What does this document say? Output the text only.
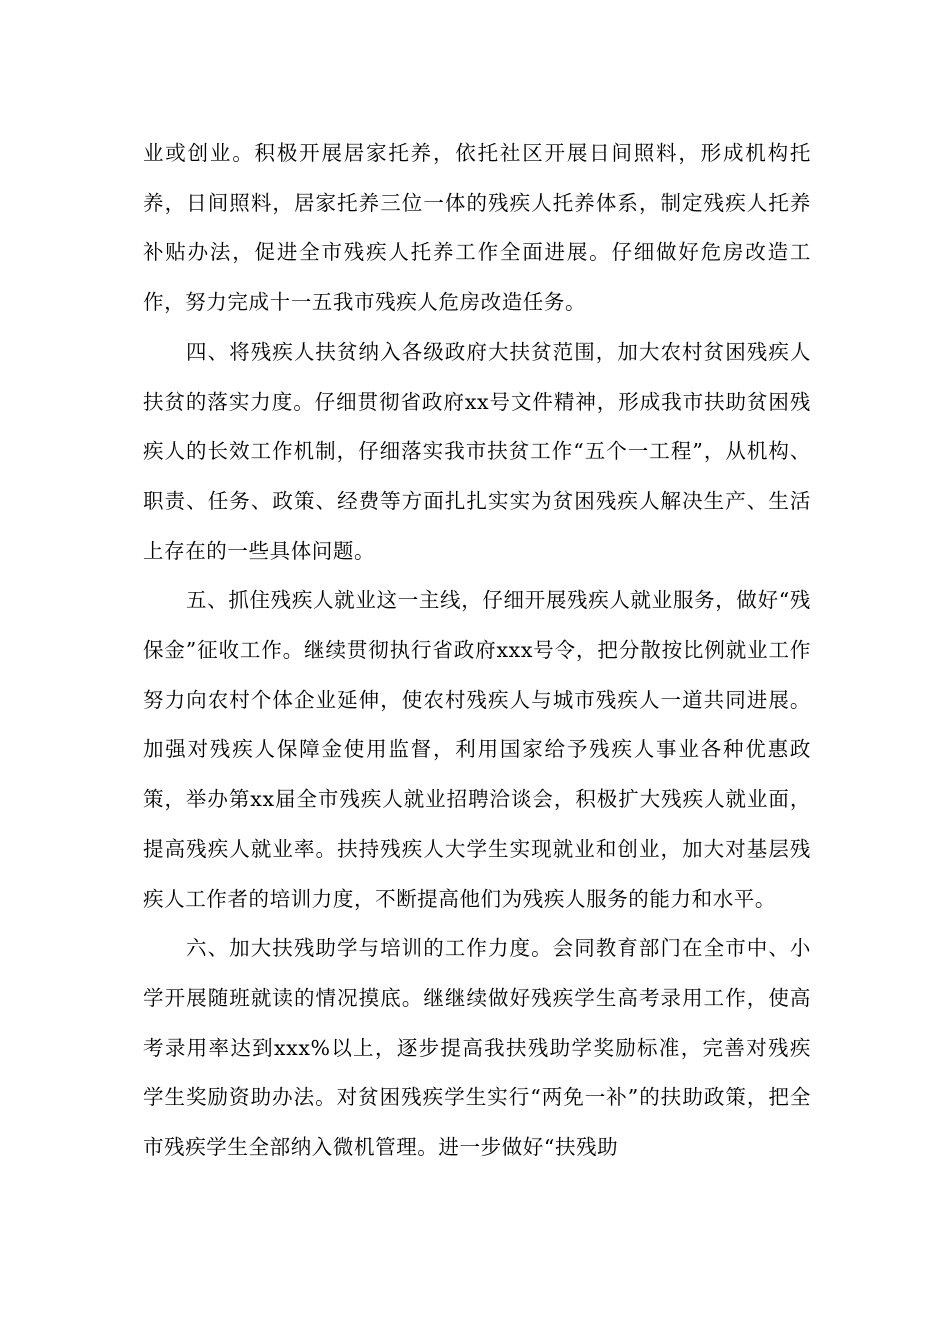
业或创业。积极开展居家托养，依托社区开展日间照料，形成机构托养，日间照料，居家托养三位一体的残疾人托养体系，制定残疾人托养补贴办法，促进全市残疾人托养工作全面进展。仔细做好危房改造工作，努力完成十一五我市残疾人危房改造任务。

四、将残疾人扶贫纳入各级政府大扶贫范围，加大农村贫困残疾人扶贫的落实力度。仔细贯彻省政府xx号文件精神，形成我市扶助贫困残疾人的长效工作机制，仔细落实我市扶贫工作“五个一工程”，从机构、职责、任务、政策、经费等方面扎扎实实为贫困残疾人解决生产、生活上存在的一些具体问题。

五、抓住残疾人就业这一主线，仔细开展残疾人就业服务，做好“残保金”征收工作。继续贯彻执行省政府xxx号令，把分散按比例就业工作努力向农村个体企业延伸，使农村残疾人与城市残疾人一道共同进展。加强对残疾人保障金使用监督，利用国家给予残疾人事业各种优惠政策，举办第xx届全市残疾人就业招聘洽谈会，积极扩大残疾人就业面，提高残疾人就业率。扶持残疾人大学生实现就业和创业，加大对基层残疾人工作者的培训力度，不断提高他们为残疾人服务的能力和水平。

六、加大扶残助学与培训的工作力度。会同教育部门在全市中、小学开展随班就读的情况摸底。继继续做好残疾学生高考录用工作，使高考录用率达到xxx%以上，逐步提高我扶残助学奖励标准，完善对残疾学生奖励资助办法。对贫困残疾学生实行“两免一补”的扶助政策，把全市残疾学生全部纳入微机管理。进一步做好“扶残助
